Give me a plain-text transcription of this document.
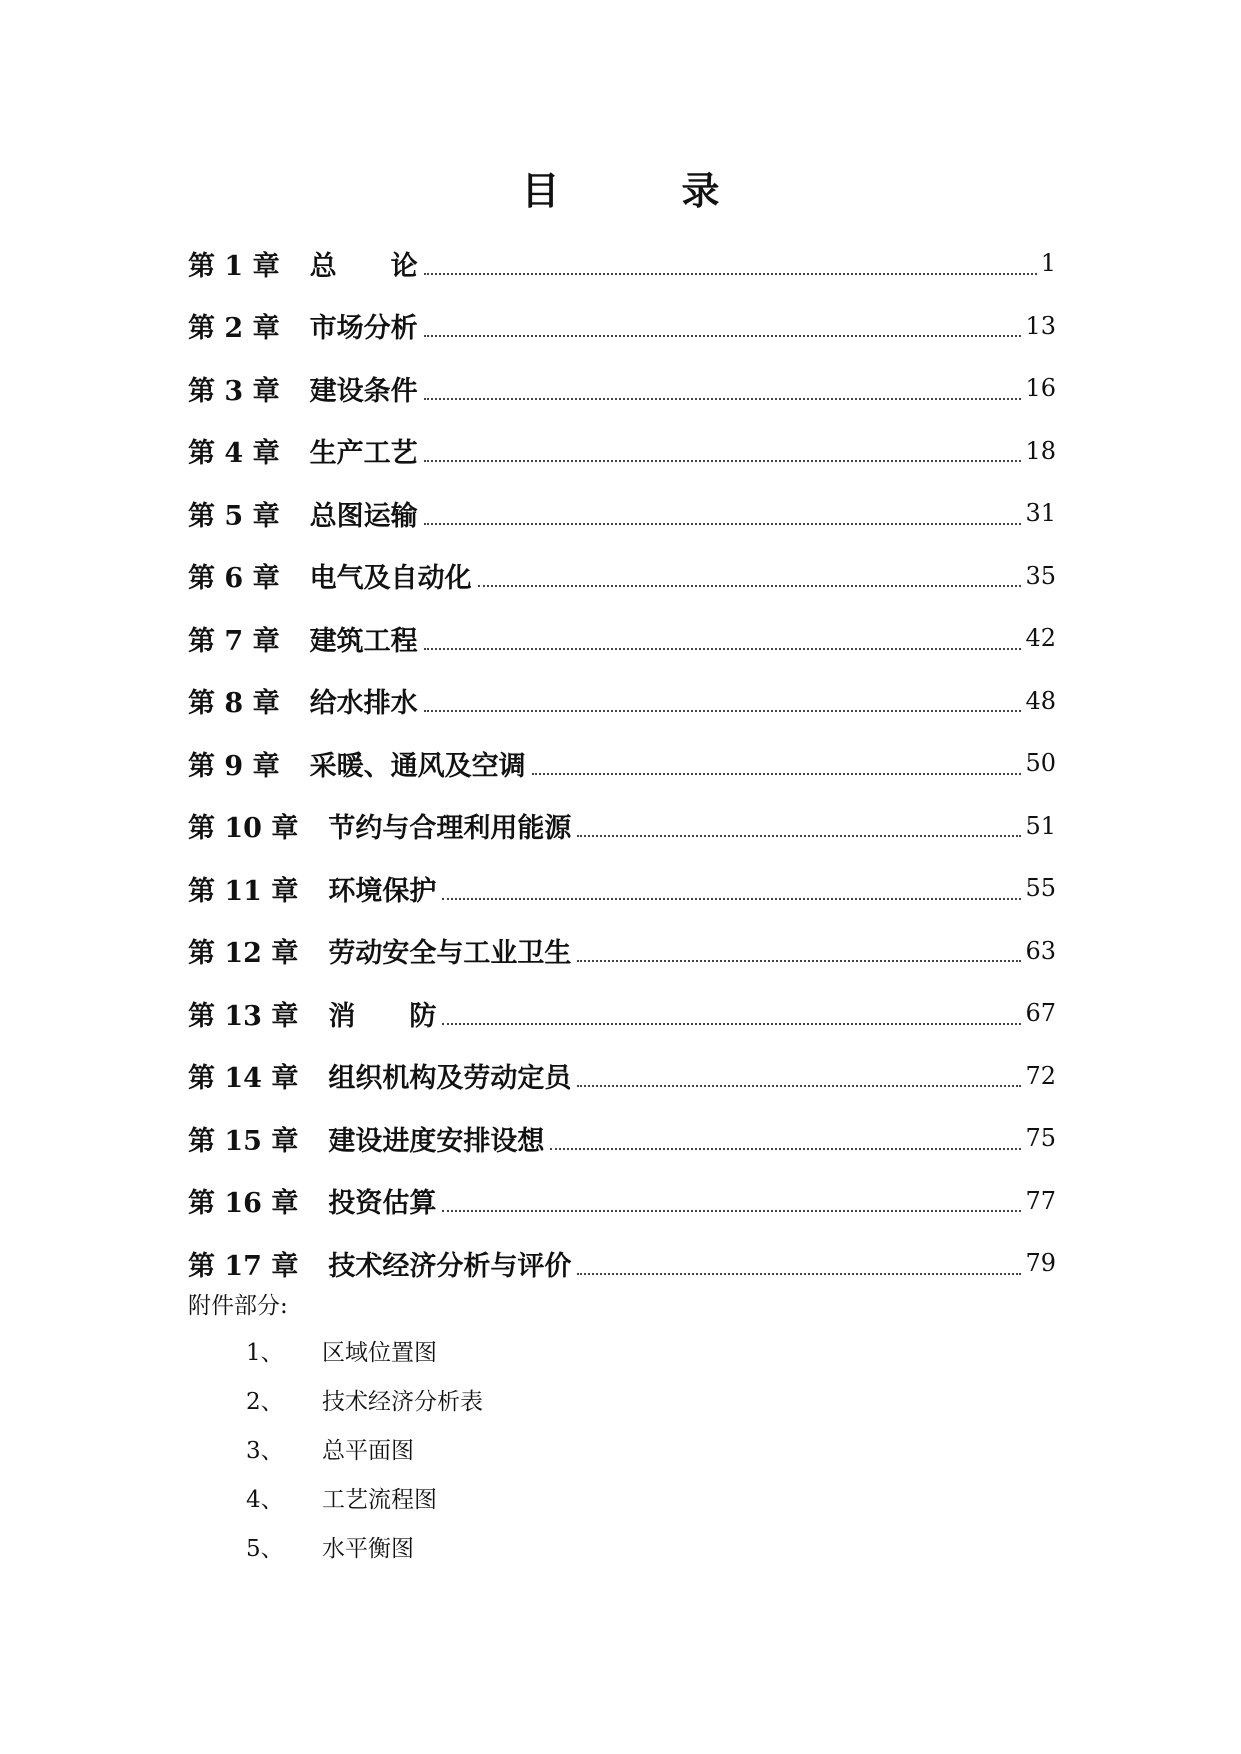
目　录
第 1 章 总　　论	1
第 2 章 市场分析	13
第 3 章 建设条件	16
第 4 章 生产工艺	18
第 5 章 总图运输	31
第 6 章 电气及自动化	35
第 7 章 建筑工程	42
第 8 章 给水排水	48
第 9 章 采暖、通风及空调	50
第 10 章 节约与合理利用能源	51
第 11 章 环境保护	55
第 12 章 劳动安全与工业卫生	63
第 13 章 消　　防	67
第 14 章 组织机构及劳动定员	72
第 15 章 建设进度安排设想	75
第 16 章 投资估算	77
第 17 章 技术经济分析与评价	79
附件部分:
1、	区域位置图
2、	技术经济分析表
3、	总平面图
4、	工艺流程图
5、	水平衡图
